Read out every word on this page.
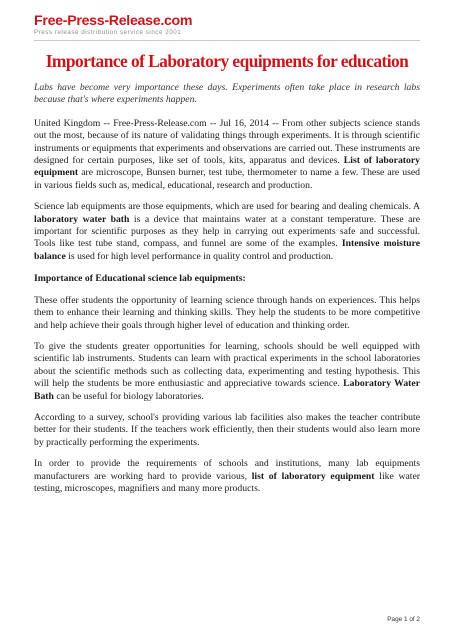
Free-Press-Release.com
Press release distribution service since 2001
Importance of Laboratory equipments for education

Labs have become very importance these days. Experiments often take place in research labs because that's where experiments happen.

United Kingdom -- Free-Press-Release.com -- Jul 16, 2014 -- From other subjects science stands out the most, because of its nature of validating things through experiments. It is through scientific instruments or equipments that experiments and observations are carried out. These instruments are designed for certain purposes, like set of tools, kits, apparatus and devices. List of laboratory equipment are microscope, Bunsen burner, test tube, thermometer to name a few. These are used in various fields such as, medical, educational, research and production.

Science lab equipments are those equipments, which are used for bearing and dealing chemicals. A laboratory water bath is a device that maintains water at a constant temperature. These are important for scientific purposes as they help in carrying out experiments safe and successful. Tools like test tube stand, compass, and funnel are some of the examples. Intensive moisture balance is used for high level performance in quality control and production.

Importance of Educational science lab equipments:

These offer students the opportunity of learning science through hands on experiences. This helps them to enhance their learning and thinking skills. They help the students to be more competitive and help achieve their goals through higher level of education and thinking order.

To give the students greater opportunities for learning, schools should be well equipped with scientific lab instruments. Students can learn with practical experiments in the school laboratories about the scientific methods such as collecting data, experimenting and testing hypothesis. This will help the students be more enthusiastic and appreciative towards science. Laboratory Water Bath can be useful for biology laboratories.

According to a survey, school's providing various lab facilities also makes the teacher contribute better for their students. If the teachers work efficiently, then their students would also learn more by practically performing the experiments.

In order to provide the requirements of schools and institutions, many lab equipments manufacturers are working hard to provide various, list of laboratory equipment like water testing, microscopes, magnifiers and many more products.

Page 1 of 2
